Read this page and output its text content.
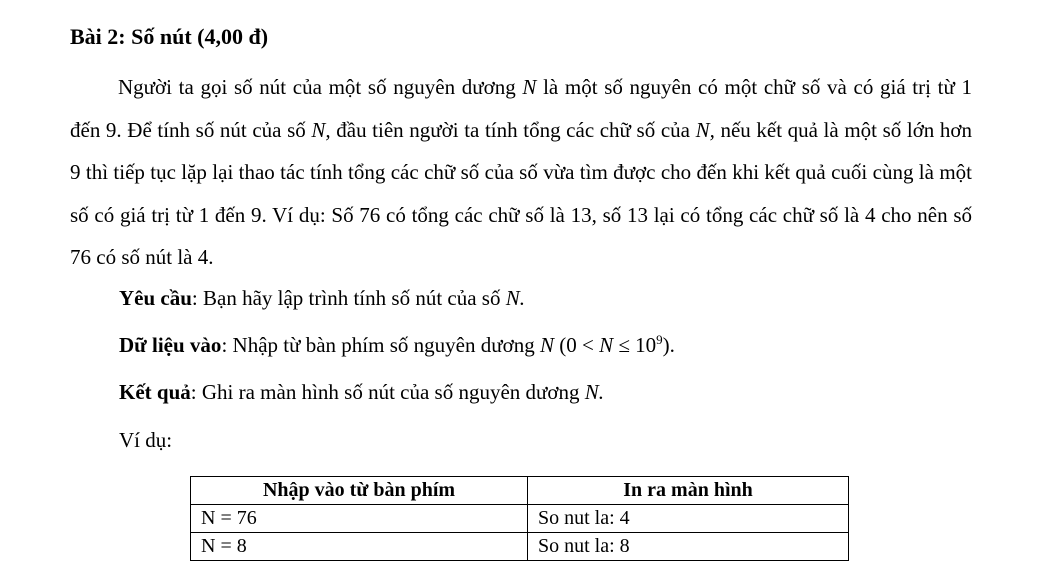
Bài 2: Số nút (4,00 đ)
Người ta gọi số nút của một số nguyên dương N là một số nguyên có một chữ số và có giá trị từ 1 đến 9. Để tính số nút của số N, đầu tiên người ta tính tổng các chữ số của N, nếu kết quả là một số lớn hơn 9 thì tiếp tục lặp lại thao tác tính tổng các chữ số của số vừa tìm được cho đến khi kết quả cuối cùng là một số có giá trị từ 1 đến 9. Ví dụ: Số 76 có tổng các chữ số là 13, số 13 lại có tổng các chữ số là 4 cho nên số 76 có số nút là 4.
Yêu cầu: Bạn hãy lập trình tính số nút của số N.
Dữ liệu vào: Nhập từ bàn phím số nguyên dương N $(0 < N \le 10^9)$.
Kết quả: Ghi ra màn hình số nút của số nguyên dương N.
Ví dụ:
Nhập vào từ bàn phím	In ra màn hình
N = 76	So nut la: 4
N = 8	So nut la: 8
